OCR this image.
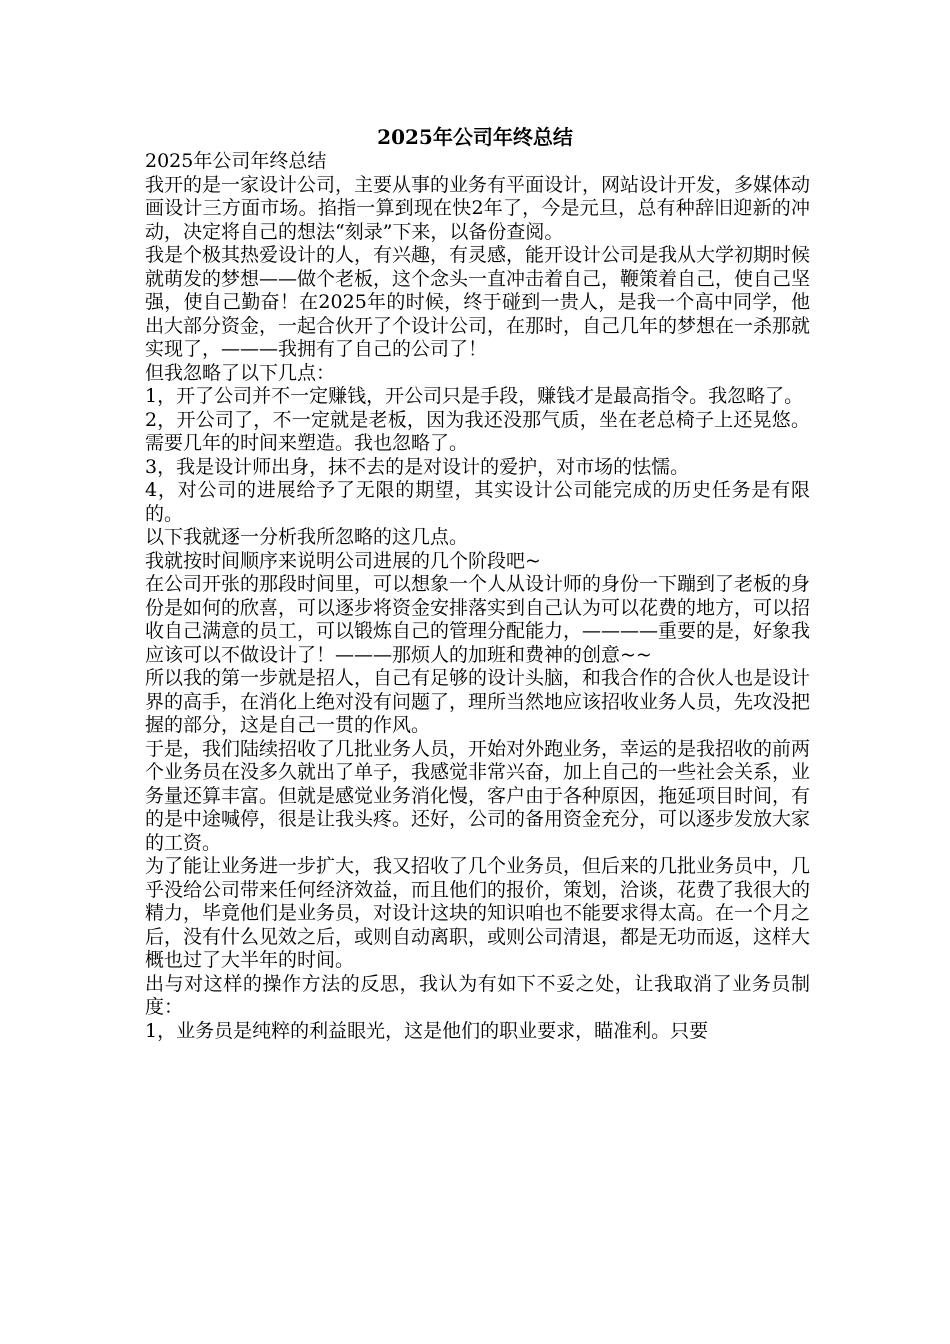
2025年公司年终总结

2025年公司年终总结

我开的是一家设计公司，主要从事的业务有平面设计，网站设计开发，多媒体动画设计三方面市场。掐指一算到现在快2年了，今是元旦，总有种辞旧迎新的冲动，决定将自己的想法“刻录”下来，以备份查阅。

我是个极其热爱设计的人，有兴趣，有灵感，能开设计公司是我从大学初期时候就萌发的梦想——做个老板，这个念头一直冲击着自己，鞭策着自己，使自己坚强，使自己勤奋！在2025年的时候，终于碰到一贵人，是我一个高中同学，他出大部分资金，一起合伙开了个设计公司，在那时，自己几年的梦想在一杀那就实现了，———我拥有了自己的公司了！

但我忽略了以下几点：

1，开了公司并不一定赚钱，开公司只是手段，赚钱才是最高指令。我忽略了。

2，开公司了，不一定就是老板，因为我还没那气质，坐在老总椅子上还晃悠。需要几年的时间来塑造。我也忽略了。

3，我是设计师出身，抹不去的是对设计的爱护，对市场的怯懦。

4，对公司的进展给予了无限的期望，其实设计公司能完成的历史任务是有限的。

以下我就逐一分析我所忽略的这几点。

我就按时间顺序来说明公司进展的几个阶段吧~

在公司开张的那段时间里，可以想象一个人从设计师的身份一下蹦到了老板的身份是如何的欣喜，可以逐步将资金安排落实到自己认为可以花费的地方，可以招收自己满意的员工，可以锻炼自己的管理分配能力，————重要的是，好象我应该可以不做设计了！———那烦人的加班和费神的创意~~

所以我的第一步就是招人，自己有足够的设计头脑，和我合作的合伙人也是设计界的高手，在消化上绝对没有问题了，理所当然地应该招收业务人员，先攻没把握的部分，这是自己一贯的作风。

于是，我们陆续招收了几批业务人员，开始对外跑业务，幸运的是我招收的前两个业务员在没多久就出了单子，我感觉非常兴奋，加上自己的一些社会关系，业务量还算丰富。但就是感觉业务消化慢，客户由于各种原因，拖延项目时间，有的是中途喊停，很是让我头疼。还好，公司的备用资金充分，可以逐步发放大家的工资。

为了能让业务进一步扩大，我又招收了几个业务员，但后来的几批业务员中，几乎没给公司带来任何经济效益，而且他们的报价，策划，洽谈，花费了我很大的精力，毕竟他们是业务员，对设计这块的知识咱也不能要求得太高。在一个月之后，没有什么见效之后，或则自动离职，或则公司清退，都是无功而返，这样大概也过了大半年的时间。

出与对这样的操作方法的反思，我认为有如下不妥之处，让我取消了业务员制度：

1，业务员是纯粹的利益眼光，这是他们的职业要求，瞄准利。只要
